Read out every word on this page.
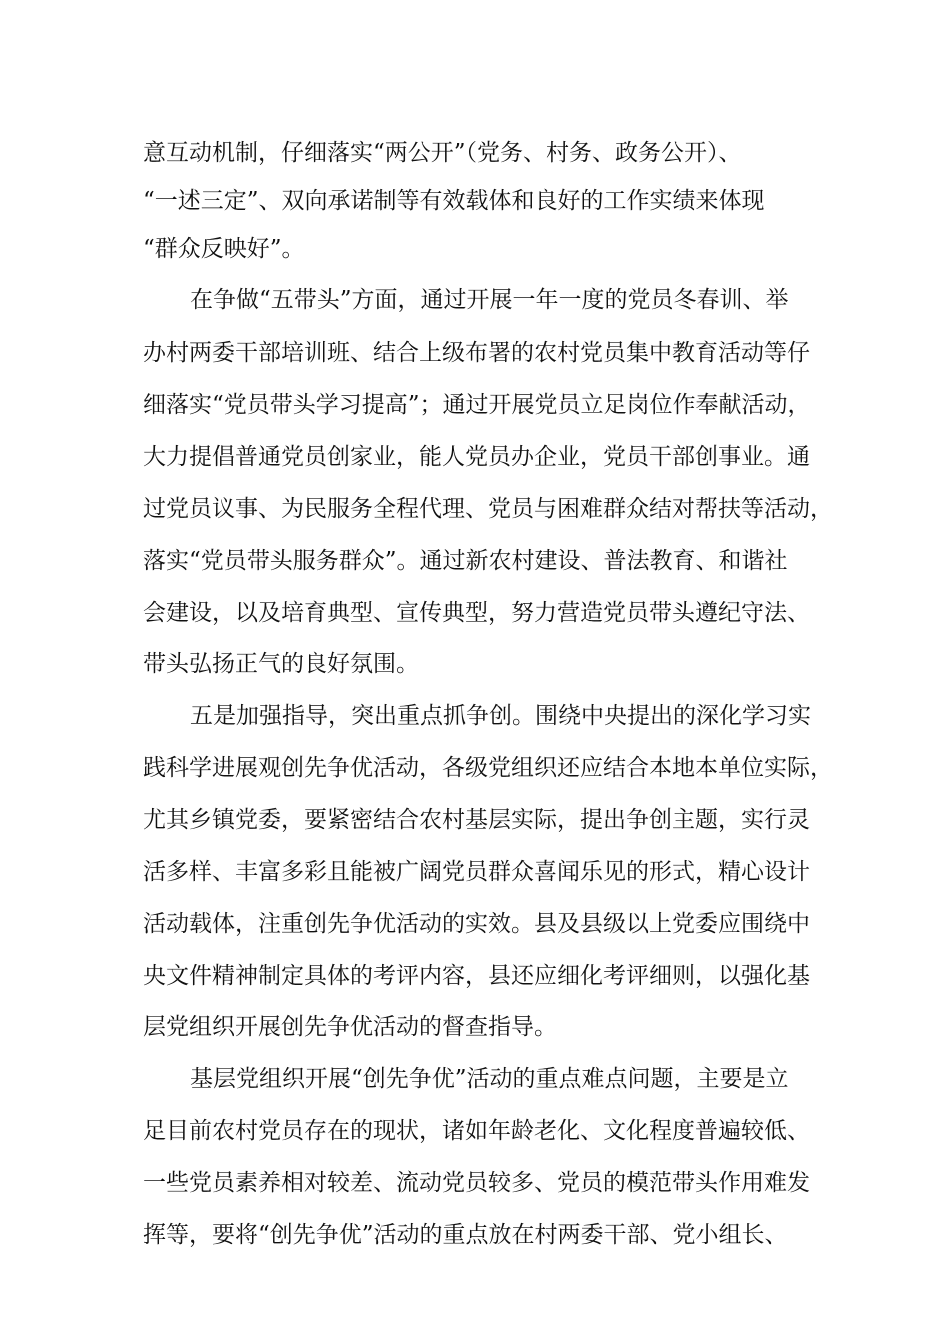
意互动机制，仔细落实“两公开”（党务、村务、政务公开）、
“一述三定”、双向承诺制等有效载体和良好的工作实绩来体现
“群众反映好”。
在争做“五带头”方面，通过开展一年一度的党员冬春训、举
办村两委干部培训班、结合上级布署的农村党员集中教育活动等仔
细落实“党员带头学习提高”；通过开展党员立足岗位作奉献活动，
大力提倡普通党员创家业，能人党员办企业，党员干部创事业。通
过党员议事、为民服务全程代理、党员与困难群众结对帮扶等活动，
落实“党员带头服务群众”。通过新农村建设、普法教育、和谐社
会建设，以及培育典型、宣传典型，努力营造党员带头遵纪守法、
带头弘扬正气的良好氛围。
五是加强指导，突出重点抓争创。围绕中央提出的深化学习实
践科学进展观创先争优活动，各级党组织还应结合本地本单位实际，
尤其乡镇党委，要紧密结合农村基层实际，提出争创主题，实行灵
活多样、丰富多彩且能被广阔党员群众喜闻乐见的形式，精心设计
活动载体，注重创先争优活动的实效。县及县级以上党委应围绕中
央文件精神制定具体的考评内容，县还应细化考评细则，以强化基
层党组织开展创先争优活动的督查指导。
基层党组织开展“创先争优”活动的重点难点问题，主要是立
足目前农村党员存在的现状，诸如年龄老化、文化程度普遍较低、
一些党员素养相对较差、流动党员较多、党员的模范带头作用难发
挥等，要将“创先争优”活动的重点放在村两委干部、党小组长、
